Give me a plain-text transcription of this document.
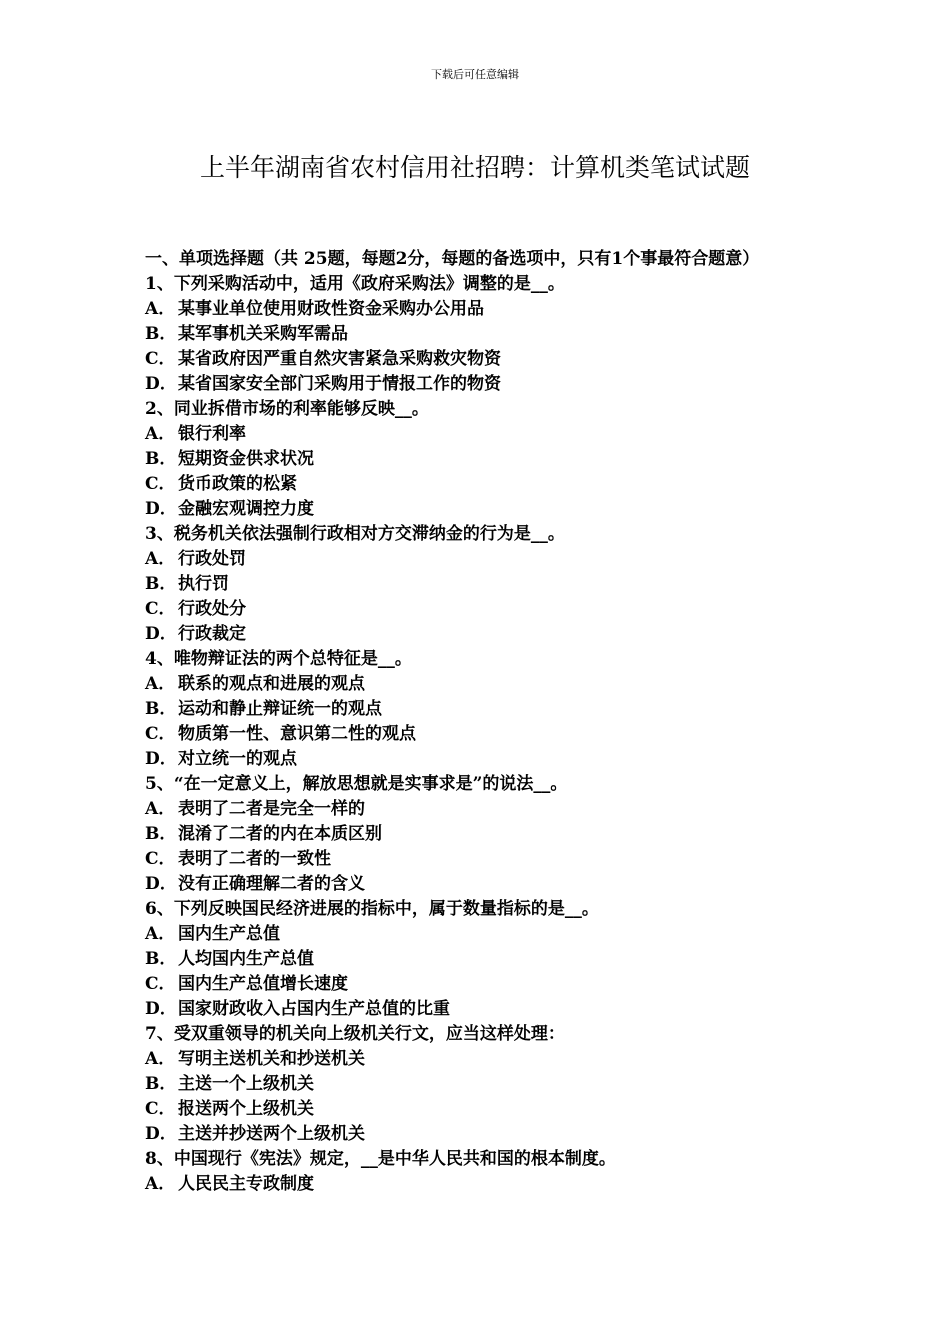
下载后可任意编辑
上半年湖南省农村信用社招聘：计算机类笔试试题

一、单项选择题（共 25题，每题2分，每题的备选项中，只有1个事最符合题意）

1、下列采购活动中，适用《政府采购法》调整的是__。

A． 某事业单位使用财政性资金采购办公用品

B．某军事机关采购军需品

C． 某省政府因严重自然灾害紧急采购救灾物资

D．某省国家安全部门采购用于情报工作的物资

2、同业拆借市场的利率能够反映__。

A． 银行利率

B．短期资金供求状况

C． 货币政策的松紧

D．金融宏观调控力度

3、税务机关依法强制行政相对方交滞纳金的行为是__。

A． 行政处罚

B．执行罚

C． 行政处分

D．行政裁定

4、唯物辩证法的两个总特征是__。

A． 联系的观点和进展的观点

B．运动和静止辩证统一的观点

C． 物质第一性、意识第二性的观点

D．对立统一的观点

5、“在一定意义上，解放思想就是实事求是”的说法__。

A． 表明了二者是完全一样的

B．混淆了二者的内在本质区别

C． 表明了二者的一致性

D．没有正确理解二者的含义

6、下列反映国民经济进展的指标中，属于数量指标的是__。

A． 国内生产总值

B．人均国内生产总值

C． 国内生产总值增长速度

D．国家财政收入占国内生产总值的比重

7、受双重领导的机关向上级机关行文，应当这样处理：

A． 写明主送机关和抄送机关

B．主送一个上级机关

C． 报送两个上级机关

D．主送并抄送两个上级机关

8、中国现行《宪法》规定，__是中华人民共和国的根本制度。

A． 人民民主专政制度
